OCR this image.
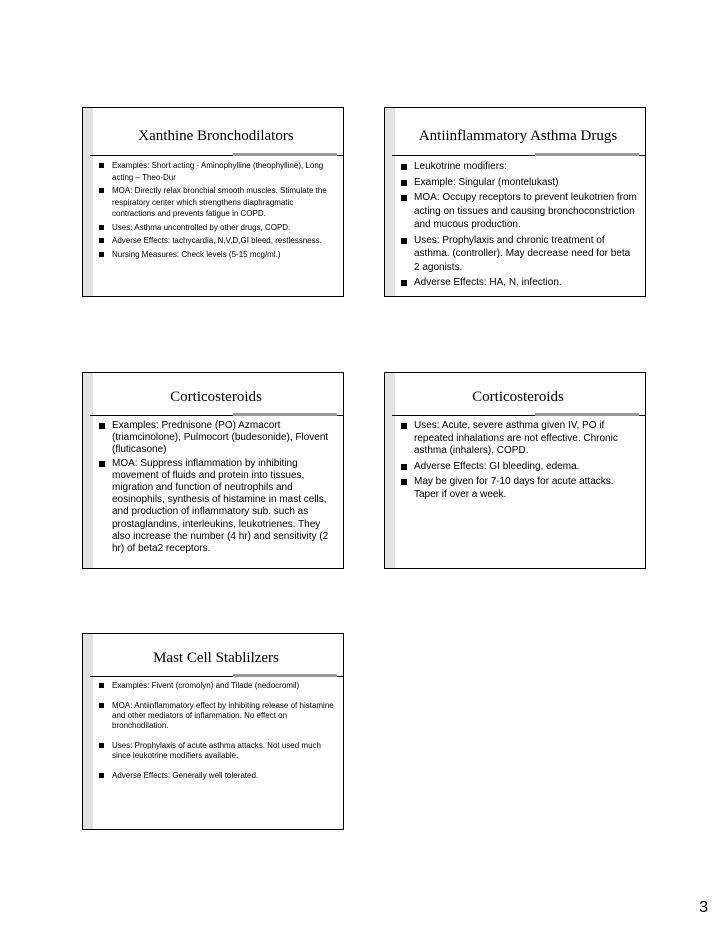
Xanthine Bronchodilators
Examples: Short acting - Aminophylline (theophylline), Long acting – Theo-Dur
MOA: Directly relax bronchial smooth muscles. Stimulate the respiratory center which strengthens diaphragmatic contractions and prevents fatigue in COPD.
Uses: Asthma uncontrolled by other drugs, COPD.
Adverse Effects: tachycardia, N,V,D,GI bleed, restlessness.
Nursing Measures: Check levels (5-15 mcg/ml.)
Antiinflammatory Asthma Drugs
Leukotrine modifiers:
Example: Singular (montelukast)
MOA: Occupy receptors to prevent leukotrien from acting on tissues and causing bronchoconstriction and mucous production.
Uses: Prophylaxis and chronic treatment of asthma. (controller). May decrease need for beta 2 agonists.
Adverse Effects: HA, N, infection.
Corticosteroids
Examples: Prednisone (PO) Azmacort (triamcinolone), Pulmocort (budesonide), Flovent (fluticasone)
MOA: Suppress inflammation by inhibiting movement of fluids and protein into tissues, migration and function of neutrophils and eosinophils, synthesis of histamine in mast cells, and production of inflammatory sub. such as prostaglandins, interleukins, leukotrienes. They also increase the number (4 hr) and sensitivity (2 hr) of beta2 receptors.
Corticosteroids
Uses: Acute, severe asthma given IV, PO if repeated inhalations are not effective. Chronic asthma (inhalers), COPD.
Adverse Effects: GI bleeding, edema.
May be given for 7-10 days for acute attacks. Taper if over a week.
Mast Cell Stablilzers
Examples: Fivent (cromolyn) and Tilade (nedocromil)
MOA: Antiinflammatory effect by inhibiting release of histamine and other mediators of inflammation. No effect on bronchodilation.
Uses: Prophylaxis of acute asthma attacks. Not used much since leukotrine modifiers available.
Adverse Effects: Generally well tolerated.
3
